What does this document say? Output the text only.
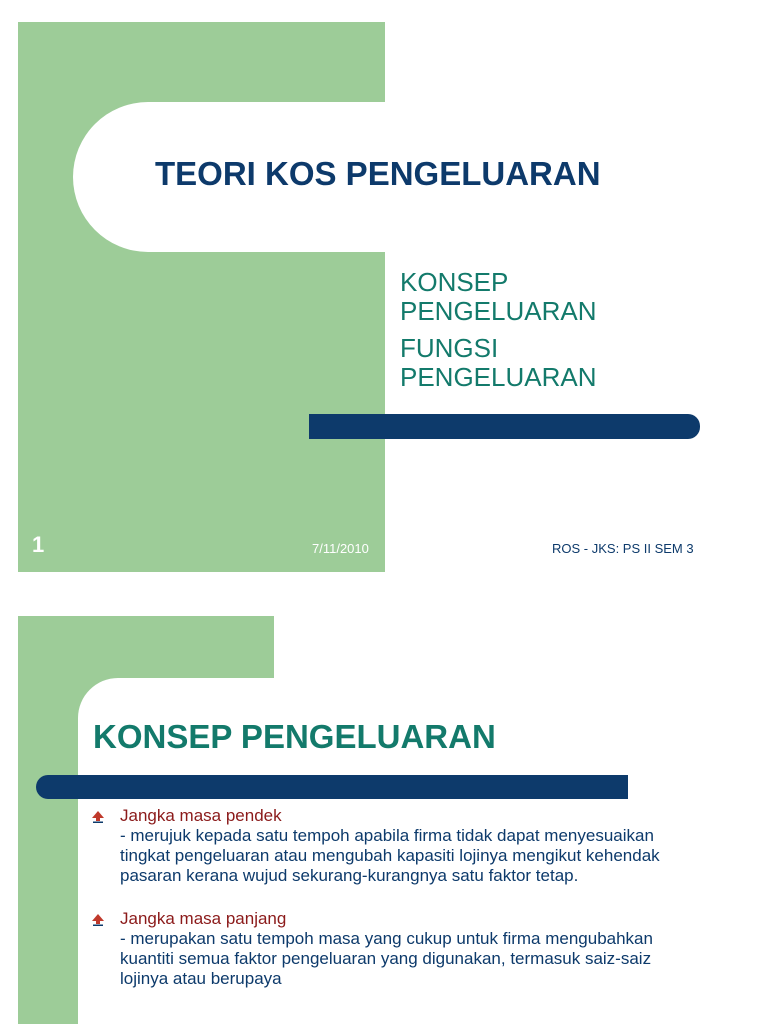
TEORI KOS PENGELUARAN
KONSEP PENGELUARAN
FUNGSI PENGELUARAN
1	7/11/2010	ROS - JKS: PS II SEM 3
KONSEP PENGELUARAN
Jangka masa pendek
- merujuk kepada satu tempoh apabila firma tidak dapat menyesuaikan tingkat pengeluaran atau mengubah kapasiti lojinya mengikut kehendak pasaran kerana wujud sekurang-kurangnya satu faktor tetap.
Jangka masa panjang
- merupakan satu tempoh masa yang cukup untuk firma mengubahkan kuantiti semua faktor pengeluaran yang digunakan, termasuk saiz-saiz lojinya atau berupaya
